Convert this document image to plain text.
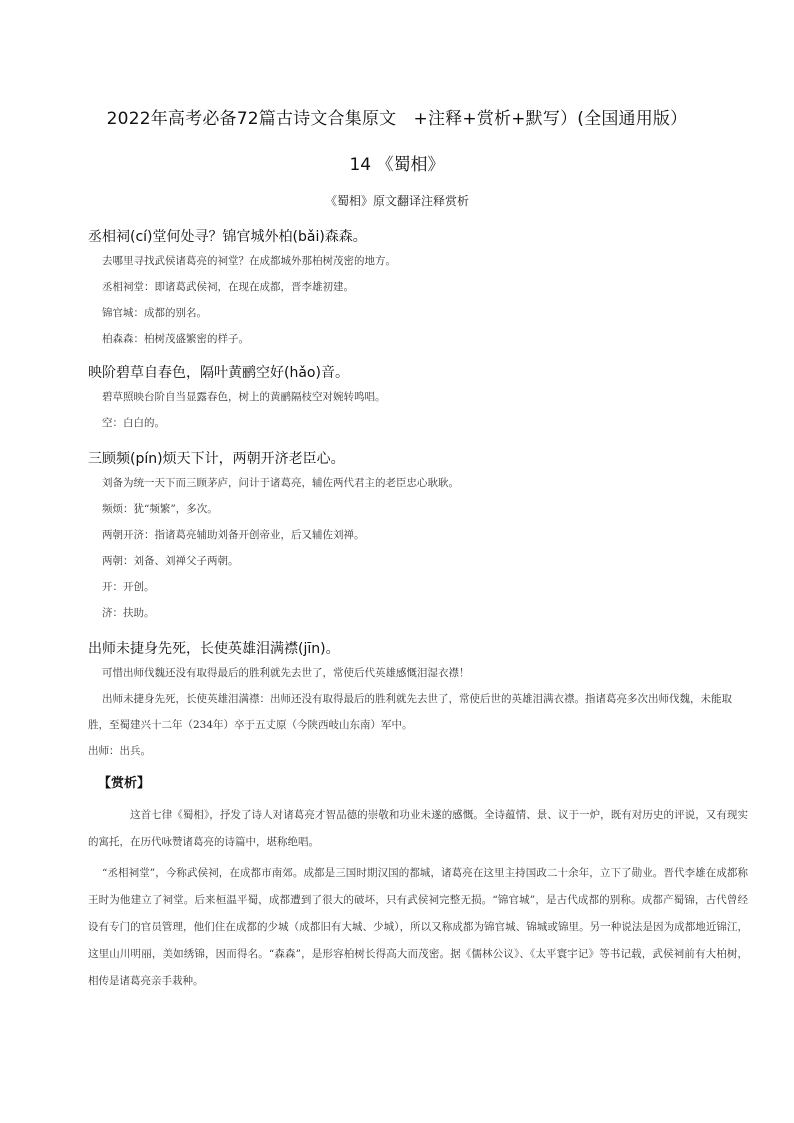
2022年高考必备72篇古诗文合集原文　+注释+赏析+默写）(全国通用版）
14 《蜀相》
《蜀相》原文翻译注释赏析

丞相祠(cí)堂何处寻？锦官城外柏(bǎi)森森。

去哪里寻找武侯诸葛亮的祠堂？在成都城外那柏树茂密的地方。

丞相祠堂：即诸葛武侯祠，在现在成都，晋李雄初建。

锦官城：成都的别名。

柏森森：柏树茂盛繁密的样子。

映阶碧草自春色，隔叶黄鹂空好(hǎo)音。

碧草照映台阶自当显露春色，树上的黄鹂隔枝空对婉转鸣唱。

空：白白的。

三顾频(pín)烦天下计，两朝开济老臣心。

刘备为统一天下而三顾茅庐，问计于诸葛亮，辅佐两代君主的老臣忠心耿耿。

频烦：犹“频繁”，多次。

两朝开济：指诸葛亮辅助刘备开创帝业，后又辅佐刘禅。

两朝：刘备、刘禅父子两朝。

开：开创。

济：扶助。

出师未捷身先死，长使英雄泪满襟(jīn)。

可惜出师伐魏还没有取得最后的胜利就先去世了，常使后代英雄感慨泪湿衣襟！

出师未捷身先死，长使英雄泪满襟：出师还没有取得最后的胜利就先去世了，常使后世的英雄泪满衣襟。指诸葛亮多次出师伐魏，未能取胜，至蜀建兴十二年（234年）卒于五丈原（今陕西岐山东南）军中。

出师：出兵。

【赏析】

这首七律《蜀相》，抒发了诗人对诸葛亮才智品德的崇敬和功业未遂的感慨。全诗蕴情、景、议于一炉，既有对历史的评说，又有现实的寓托，在历代咏赞诸葛亮的诗篇中，堪称绝唱。

“丞相祠堂”，今称武侯祠，在成都市南郊。成都是三国时期汉国的都城，诸葛亮在这里主持国政二十余年，立下了勋业。晋代李雄在成都称王时为他建立了祠堂。后来桓温平蜀，成都遭到了很大的破坏，只有武侯祠完整无损。“锦官城”，是古代成都的别称。成都产蜀锦，古代曾经设有专门的官员管理，他们住在成都的少城（成都旧有大城、少城），所以又称成都为锦官城、锦城或锦里。另一种说法是因为成都地近锦江，这里山川明丽，美如绣锦，因而得名。“森森”，是形容柏树长得高大而茂密。据《儒林公议》、《太平寰宇记》等书记载，武侯祠前有大柏树，相传是诸葛亮亲手栽种。
